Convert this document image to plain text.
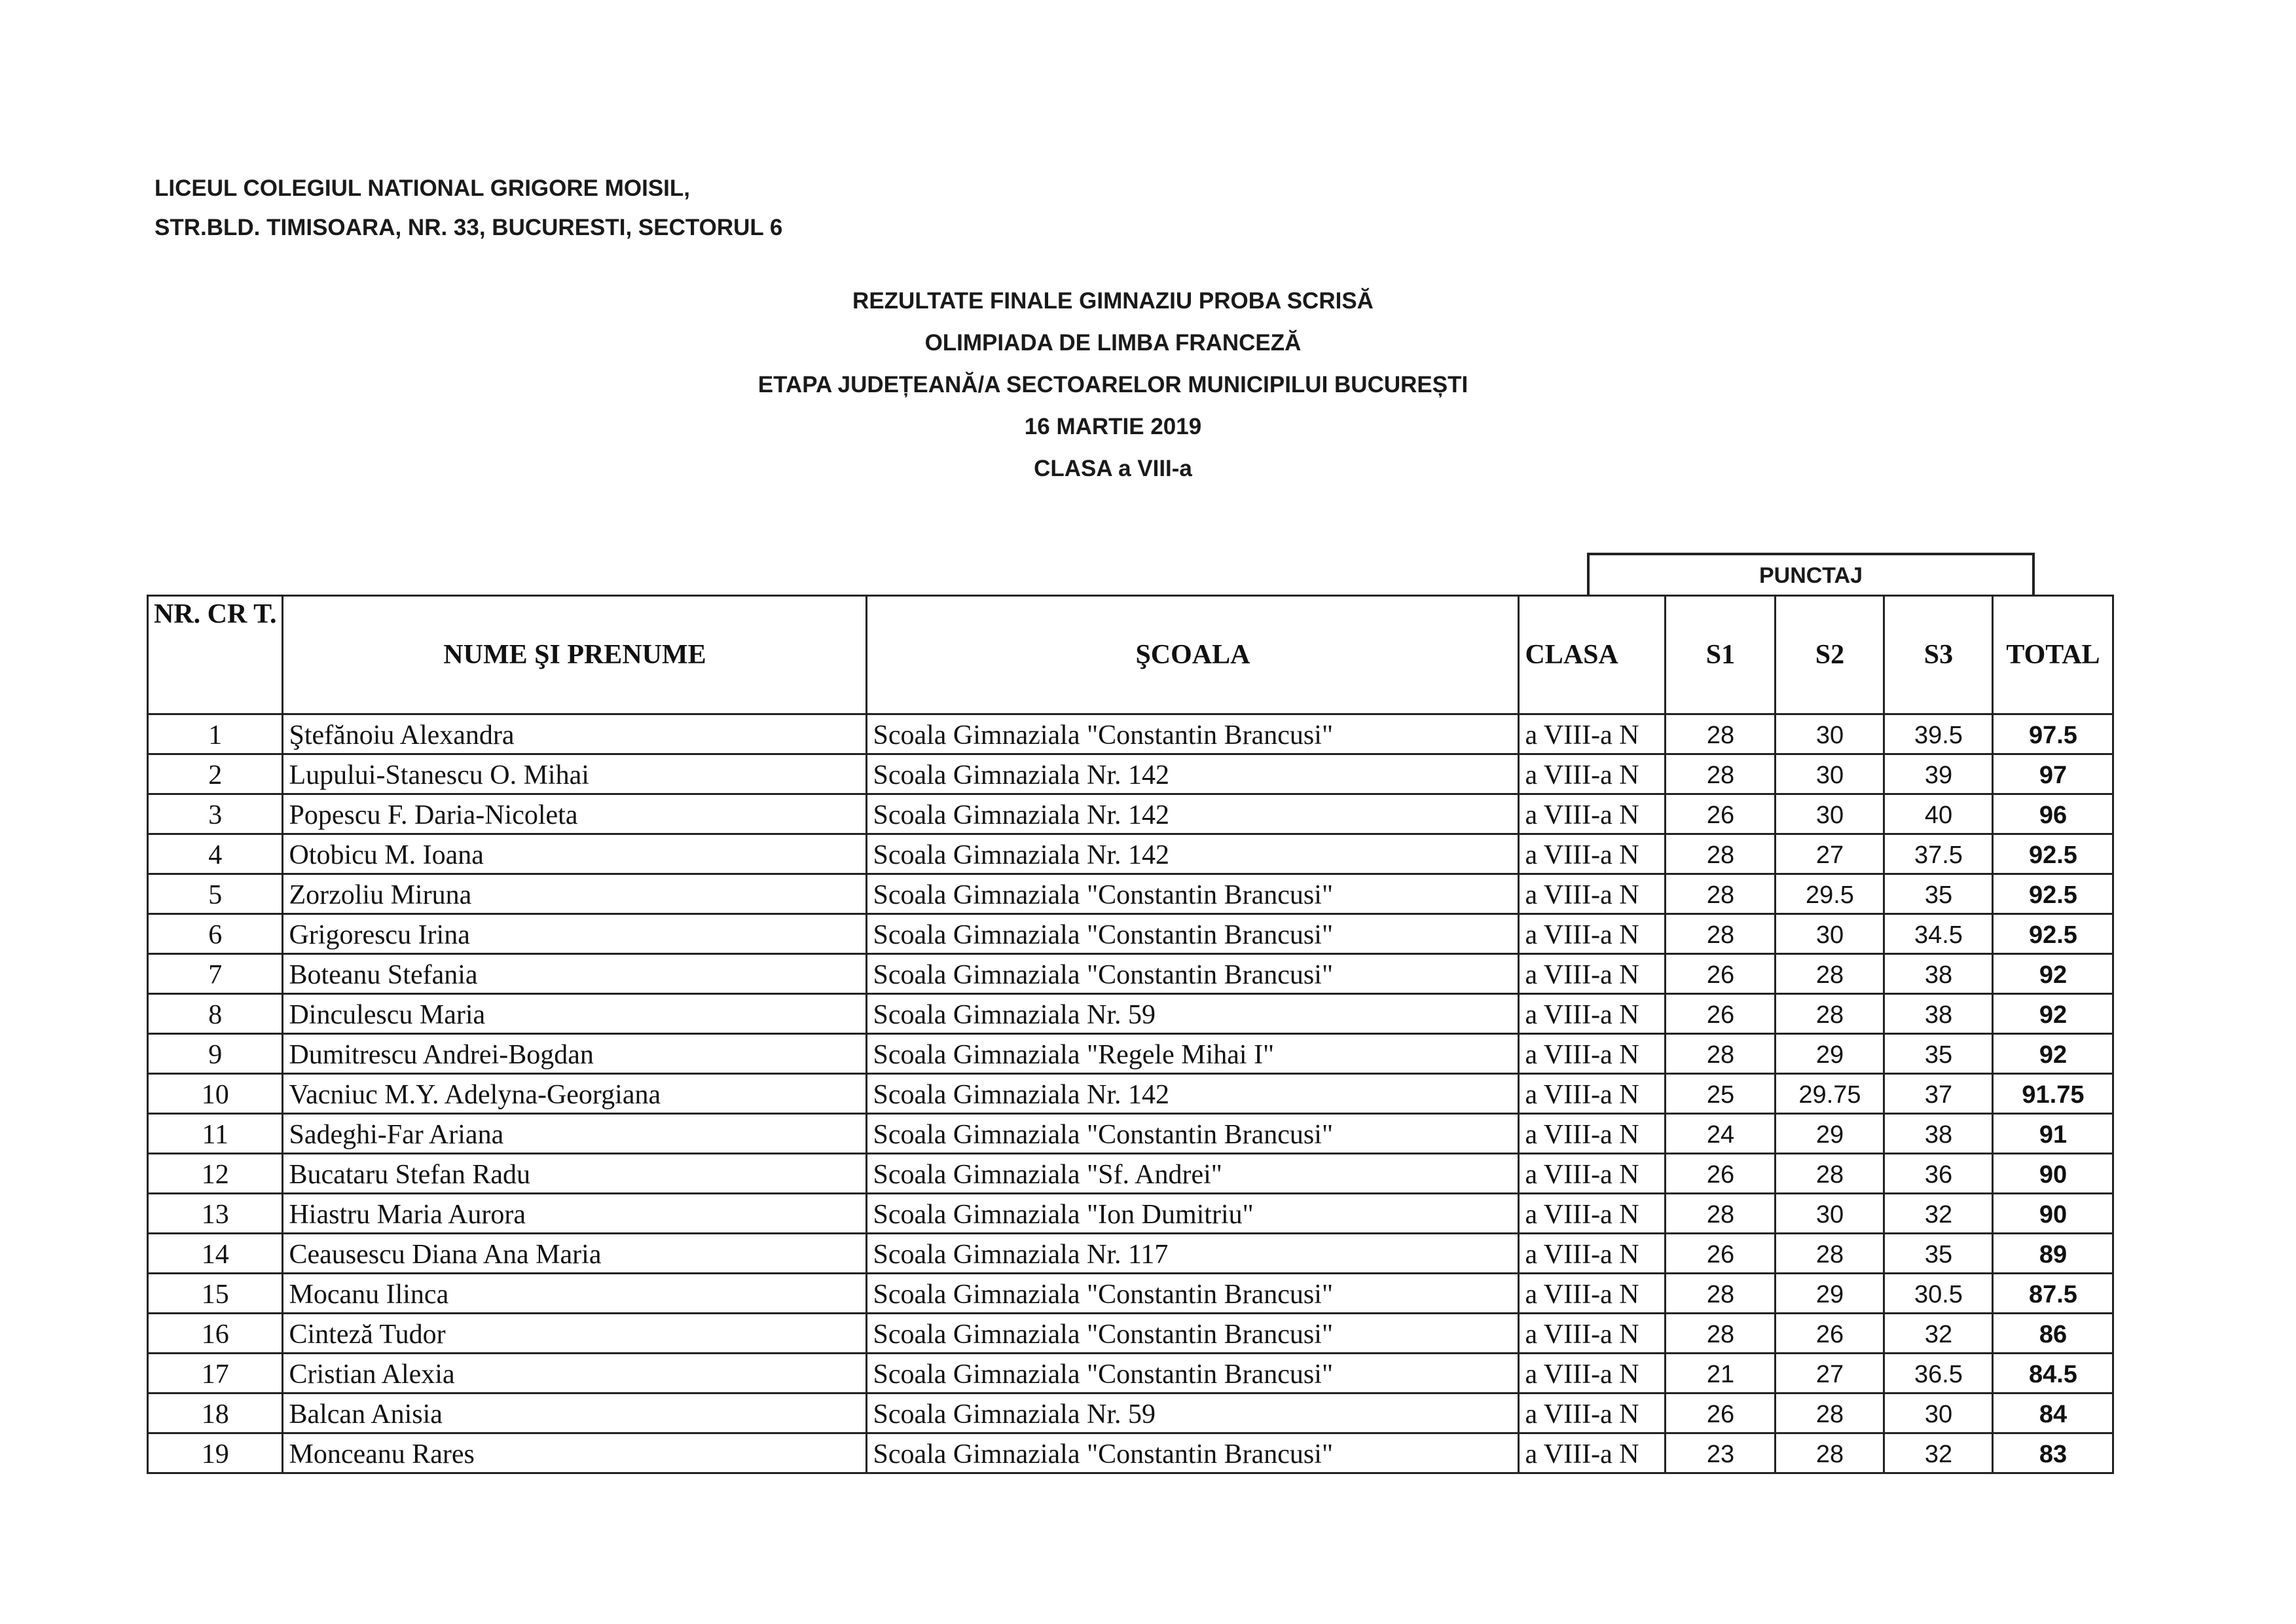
LICEUL COLEGIUL NATIONAL GRIGORE MOISIL,
STR.BLD. TIMISOARA, NR. 33, BUCURESTI, SECTORUL 6
REZULTATE FINALE GIMNAZIU PROBA SCRISĂ
OLIMPIADA DE LIMBA FRANCEZĂ
ETAPA JUDEȚEANĂ/A SECTOARELOR MUNICIPILUI BUCUREȘTI
16 MARTIE 2019
CLASA a VIII-a
PUNCTAJ
NR. CR T.	NUME ŞI PRENUME	ŞCOALA	CLASA	S1	S2	S3	TOTAL
1	Ştefănoiu Alexandra	Scoala Gimnaziala "Constantin Brancusi"	a VIII-a N	28	30	39.5	97.5
2	Lupului-Stanescu O. Mihai	Scoala Gimnaziala Nr. 142	a VIII-a N	28	30	39	97
3	Popescu F. Daria-Nicoleta	Scoala Gimnaziala Nr. 142	a VIII-a N	26	30	40	96
4	Otobicu M. Ioana	Scoala Gimnaziala Nr. 142	a VIII-a N	28	27	37.5	92.5
5	Zorzoliu Miruna	Scoala Gimnaziala "Constantin Brancusi"	a VIII-a N	28	29.5	35	92.5
6	Grigorescu Irina	Scoala Gimnaziala "Constantin Brancusi"	a VIII-a N	28	30	34.5	92.5
7	Boteanu Stefania	Scoala Gimnaziala "Constantin Brancusi"	a VIII-a N	26	28	38	92
8	Dinculescu Maria	Scoala Gimnaziala Nr. 59	a VIII-a N	26	28	38	92
9	Dumitrescu Andrei-Bogdan	Scoala Gimnaziala "Regele Mihai I"	a VIII-a N	28	29	35	92
10	Vacniuc M.Y. Adelyna-Georgiana	Scoala Gimnaziala Nr. 142	a VIII-a N	25	29.75	37	91.75
11	Sadeghi-Far Ariana	Scoala Gimnaziala "Constantin Brancusi"	a VIII-a N	24	29	38	91
12	Bucataru Stefan Radu	Scoala Gimnaziala "Sf. Andrei"	a VIII-a N	26	28	36	90
13	Hiastru Maria Aurora	Scoala Gimnaziala "Ion Dumitriu"	a VIII-a N	28	30	32	90
14	Ceausescu Diana Ana Maria	Scoala Gimnaziala Nr. 117	a VIII-a N	26	28	35	89
15	Mocanu Ilinca	Scoala Gimnaziala "Constantin Brancusi"	a VIII-a N	28	29	30.5	87.5
16	Cinteză Tudor	Scoala Gimnaziala "Constantin Brancusi"	a VIII-a N	28	26	32	86
17	Cristian Alexia	Scoala Gimnaziala "Constantin Brancusi"	a VIII-a N	21	27	36.5	84.5
18	Balcan Anisia	Scoala Gimnaziala Nr. 59	a VIII-a N	26	28	30	84
19	Monceanu Rares	Scoala Gimnaziala "Constantin Brancusi"	a VIII-a N	23	28	32	83
